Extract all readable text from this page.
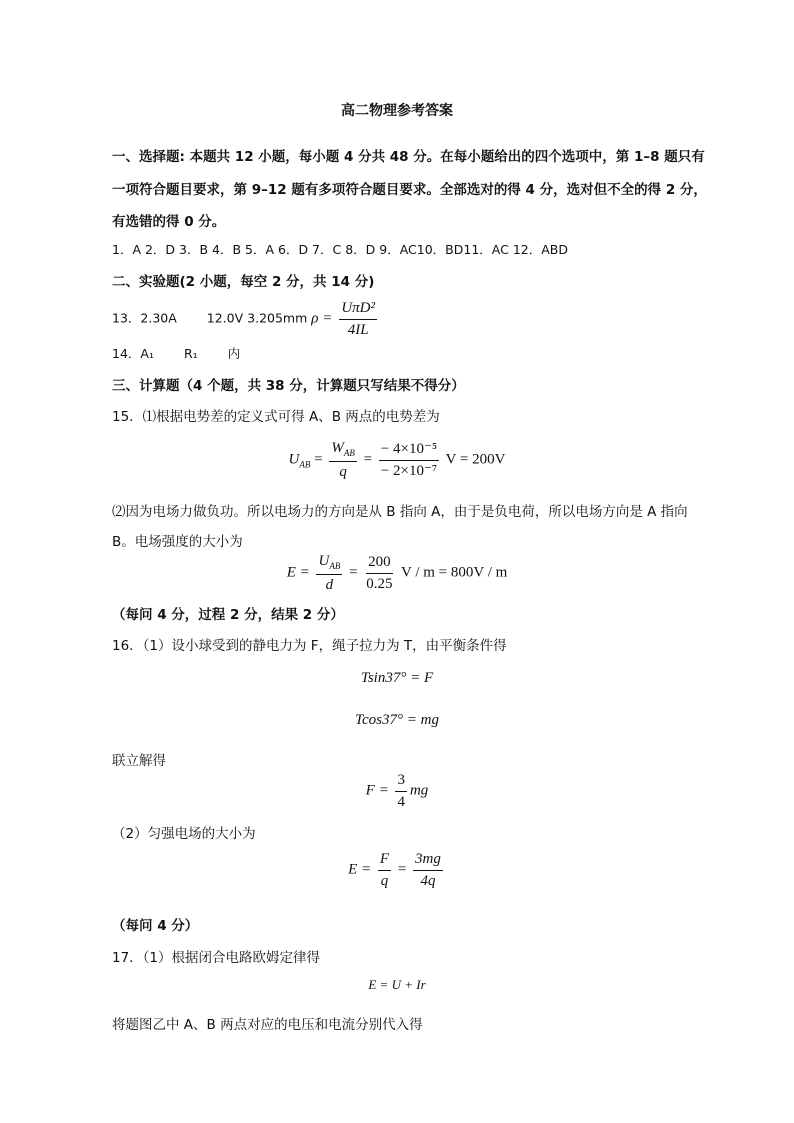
高二物理参考答案
一、选择题: 本题共 12 小题，每小题 4 分共 48 分。在每小题给出的四个选项中，第 1–8 题只有
一项符合题目要求，第 9–12 题有多项符合题目要求。全部选对的得 4 分，选对但不全的得 2 分，
有选错的得 0 分。
1．A 2．D 3．B 4．B 5．A 6．D 7．C 8．D 9．AC10．BD11．AC 12．ABD
二、实验题(2 小题，每空 2 分，共 14 分)
13．2.30A 12.0V 3.205mm $\rho = \frac{\text{UπD²}}{4IL}$
14．A₁ R₁ 内
三、计算题（4 个题，共 38 分，计算题只写结果不得分）
15．⑴根据电势差的定义式可得 A、B 两点的电势差为
$U_{AB} = \frac{W_{AB}}{q} = \frac{\text{− 4×10⁻⁵}}{\text{− 2×10⁻⁷}}$ V = 200V
⑵因为电场力做负功。所以电场力的方向是从 B 指向 A，由于是负电荷，所以电场方向是 A 指向
B。电场强度的大小为
$E = \frac{U_{AB}}{d} = \frac{200}{0.25}$ V / m = 800V / m
（每问 4 分，过程 2 分，结果 2 分）
16．（1）设小球受到的静电力为 F，绳子拉力为 T，由平衡条件得
Tsin37° = F
Tcos37° = mg
联立解得
$F = \frac{3}{4}$ mg
（2）匀强电场的大小为
$E = \frac{F}{q} = \frac{3mg}{4q}$
（每问 4 分）
17．（1）根据闭合电路欧姆定律得
E = U + Ir
将题图乙中 A、B 两点对应的电压和电流分别代入得
